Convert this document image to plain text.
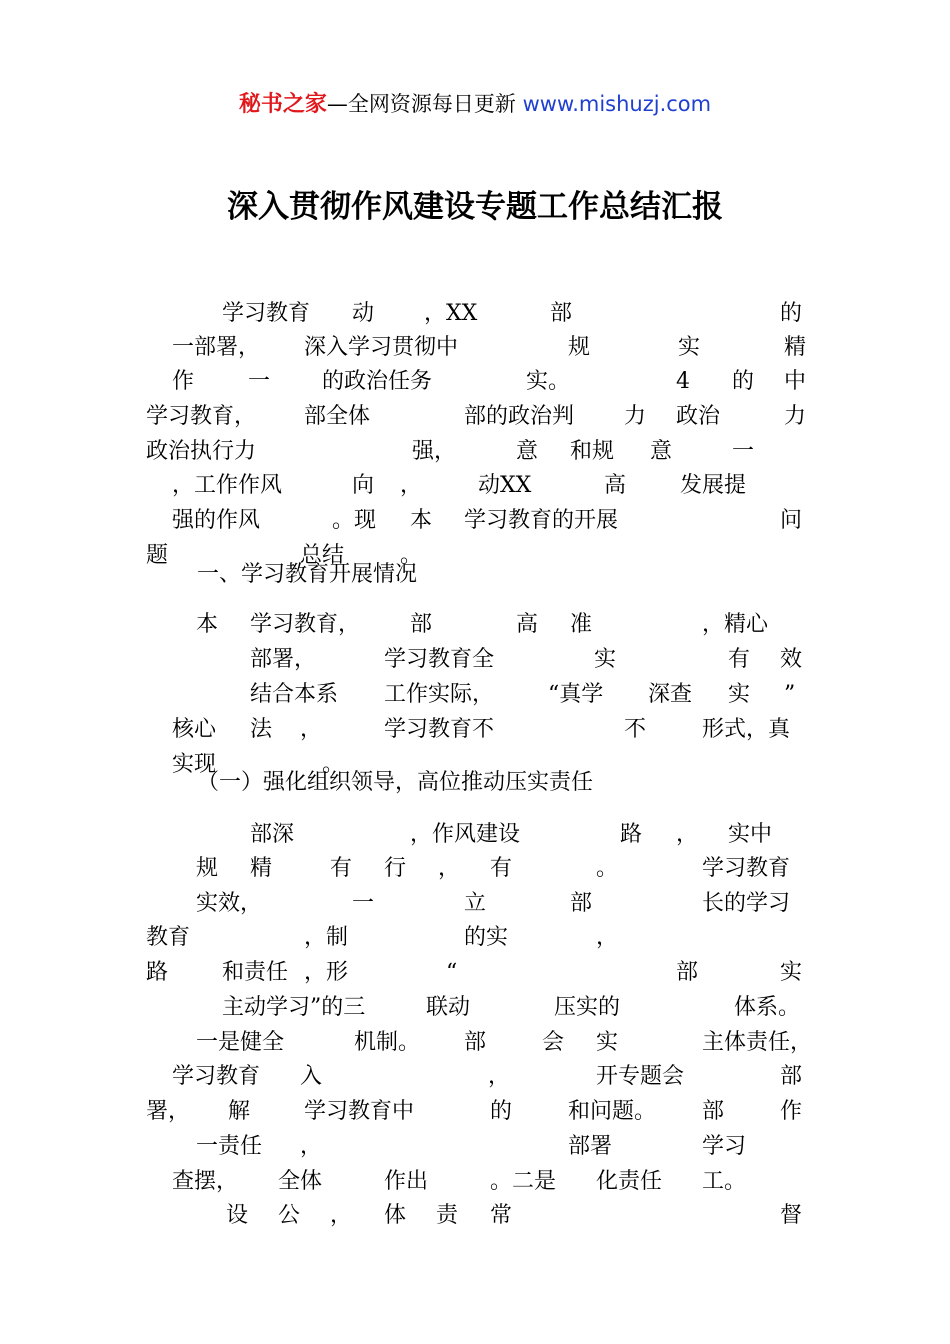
秘书之家—全网资源每日更新 www.mishuzj.com
深入贯彻作风建设专题工作总结汇报
一、学习教育开展情况
（一）强化组织领导，高位推动压实责任
学习教育 动 ，XX	部	的
一部署， 深入学习贯彻中	规	实	精
作 一 的政治任务	实。	4 的 中
学习教育， 部全体	部的政治判 力 政治	力
政治执行力	强，	意 和规 意	一
，工作作风	向 ，	动XX	高 发展提
强的作风	。现 本 学习教育的开展	问
题	总结	。
本 学习教育， 部	高 准	，精心
部署，	学习教育全	实	有 效
结合本系 工作实际， “真学 深查 实 ”
核心 法 ，	学习教育不	不	形式，真
实现	。
部深	，作风建设	路 ， 实中
规 精	有 行 ， 有	。	学习教育
实效，	一	立	部	长的学习
教育	，制	的实	，
路 和责任 ，形	“	部	实
主动学习”的三	联动	压实的	体系。
一是健全	机制。 部	会 实	主体责任，
学习教育 入	，	开专题会	部
署， 解 学习教育中	的	和问题。 部	作
一责任 ，	部署	学习
查摆， 全体	作出	。二是 化责任 工。
设 公 ， 体 责 常	督
